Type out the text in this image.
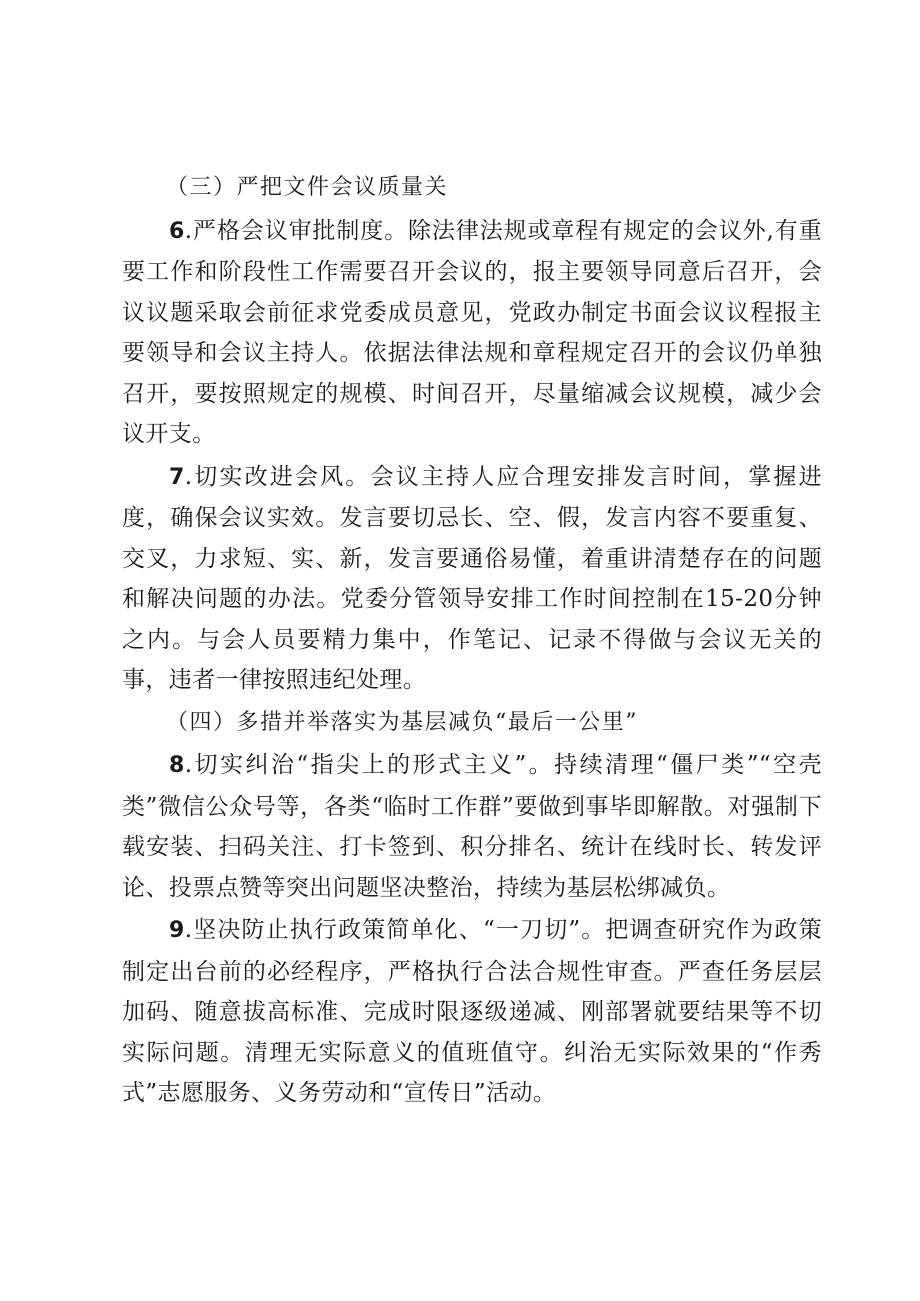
（三）严把文件会议质量关

6.严格会议审批制度。除法律法规或章程有规定的会议外,有重要工作和阶段性工作需要召开会议的，报主要领导同意后召开，会议议题采取会前征求党委成员意见，党政办制定书面会议议程报主要领导和会议主持人。依据法律法规和章程规定召开的会议仍单独召开，要按照规定的规模、时间召开，尽量缩减会议规模，减少会议开支。

7.切实改进会风。会议主持人应合理安排发言时间，掌握进度，确保会议实效。发言要切忌长、空、假，发言内容不要重复、交叉，力求短、实、新，发言要通俗易懂，着重讲清楚存在的问题和解决问题的办法。党委分管领导安排工作时间控制在15-20分钟之内。与会人员要精力集中，作笔记、记录不得做与会议无关的事，违者一律按照违纪处理。

（四）多措并举落实为基层减负“最后一公里”

8.切实纠治“指尖上的形式主义”。持续清理“僵尸类”“空壳类”微信公众号等，各类“临时工作群”要做到事毕即解散。对强制下载安装、扫码关注、打卡签到、积分排名、统计在线时长、转发评论、投票点赞等突出问题坚决整治，持续为基层松绑减负。

9.坚决防止执行政策简单化、“一刀切”。把调查研究作为政策制定出台前的必经程序，严格执行合法合规性审查。严查任务层层加码、随意拔高标准、完成时限逐级递减、刚部署就要结果等不切实际问题。清理无实际意义的值班值守。纠治无实际效果的“作秀式”志愿服务、义务劳动和“宣传日”活动。
